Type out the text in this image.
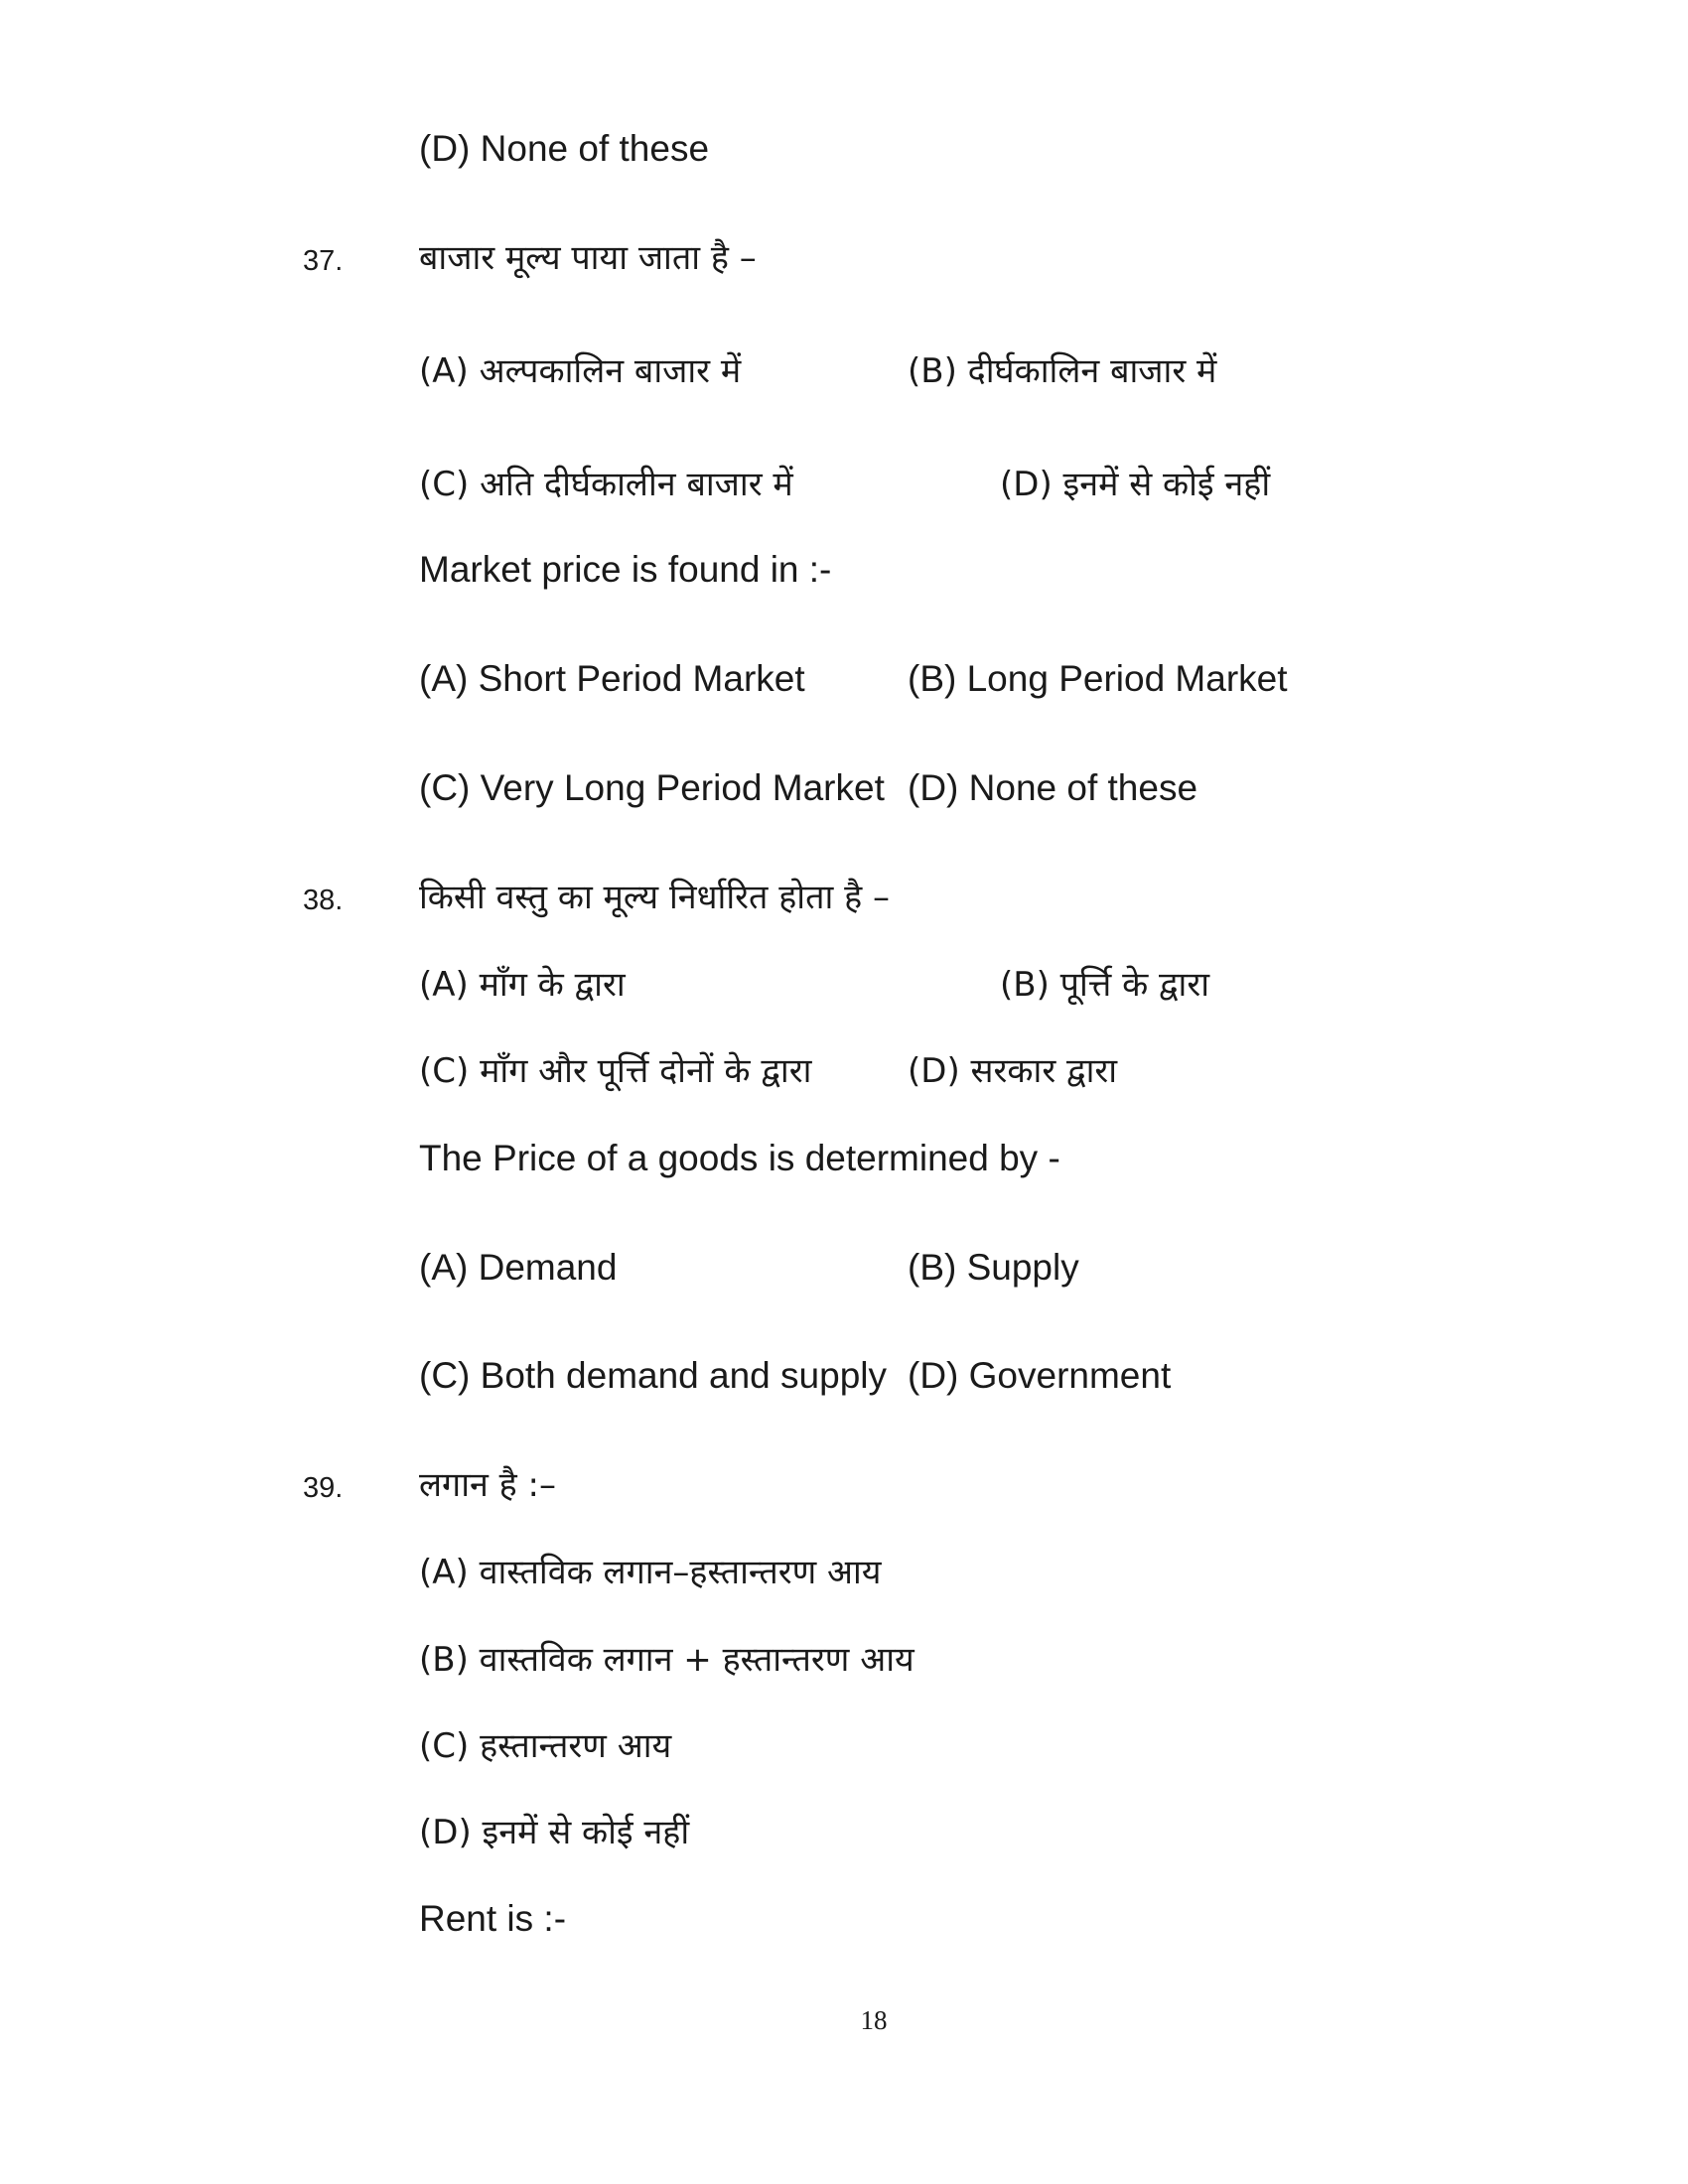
(D) None of these
37. बाजार मूल्य पाया जाता है –
(A) अल्पकालिन बाजार में	(B) दीर्घकालिन बाजार में
(C) अति दीर्घकालीन बाजार में	(D) इनमें से कोई नहीं
Market price is found in :-
(A) Short Period Market	(B) Long Period Market
(C) Very Long Period Market (D) None of these
38. किसी वस्तु का मूल्य निर्धारित होता है –
(A) माँग के द्वारा	(B) पूर्त्ति के द्वारा
(C) माँग और पूर्त्ति दोनों के द्वारा	(D) सरकार द्वारा
The Price of a goods is determined by -
(A) Demand	(B) Supply
(C) Both demand and supply (D) Government
39. लगान है :–
(A) वास्तविक लगान–हस्तान्तरण आय
(B) वास्तविक लगान + हस्तान्तरण आय
(C) हस्तान्तरण आय
(D) इनमें से कोई नहीं
Rent is :-
18
